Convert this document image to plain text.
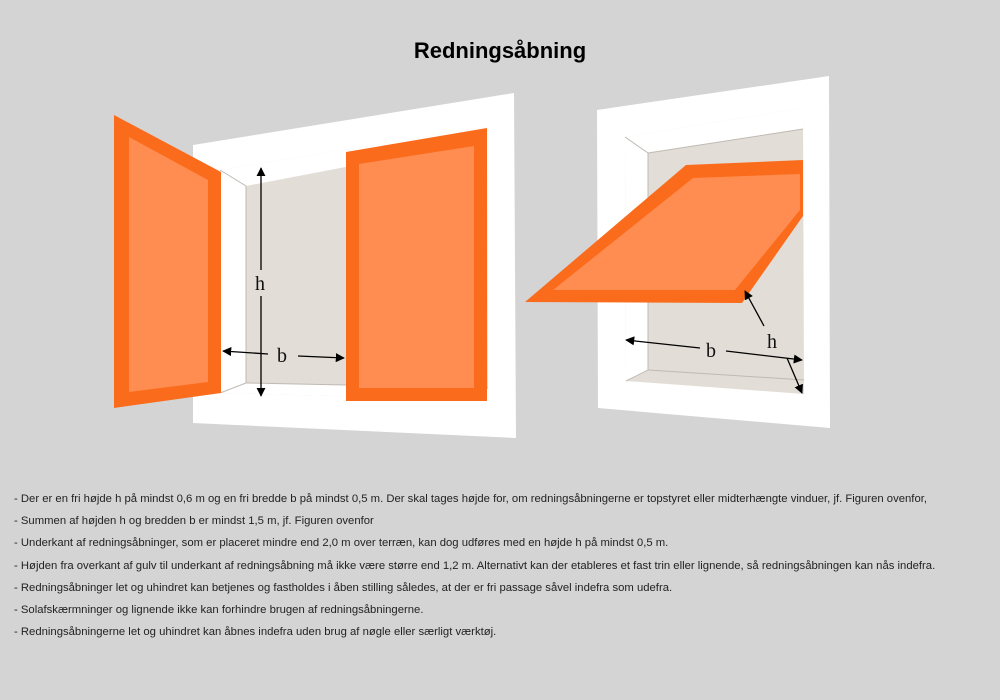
Redningsåbning
h
b	b	h
- Der er en fri højde h på mindst 0,6 m og en fri bredde b på mindst 0,5 m. Der skal tages højde for, om redningsåbningerne er topstyret eller midterhængte vinduer, jf. Figuren ovenfor,
- Summen af højden h og bredden b er mindst 1,5 m, jf. Figuren ovenfor
- Underkant af redningsåbninger, som er placeret mindre end 2,0 m over terræn, kan dog udføres med en højde h på mindst 0,5 m.
- Højden fra overkant af gulv til underkant af redningsåbning må ikke være større end 1,2 m. Alternativt kan der etableres et fast trin eller lignende, så redningsåbningen kan nås indefra.
- Redningsåbninger let og uhindret kan betjenes og fastholdes i åben stilling således, at der er fri passage såvel indefra som udefra.
- Solafskærmninger og lignende ikke kan forhindre brugen af redningsåbningerne.
- Redningsåbningerne let og uhindret kan åbnes indefra uden brug af nøgle eller særligt værktøj.
